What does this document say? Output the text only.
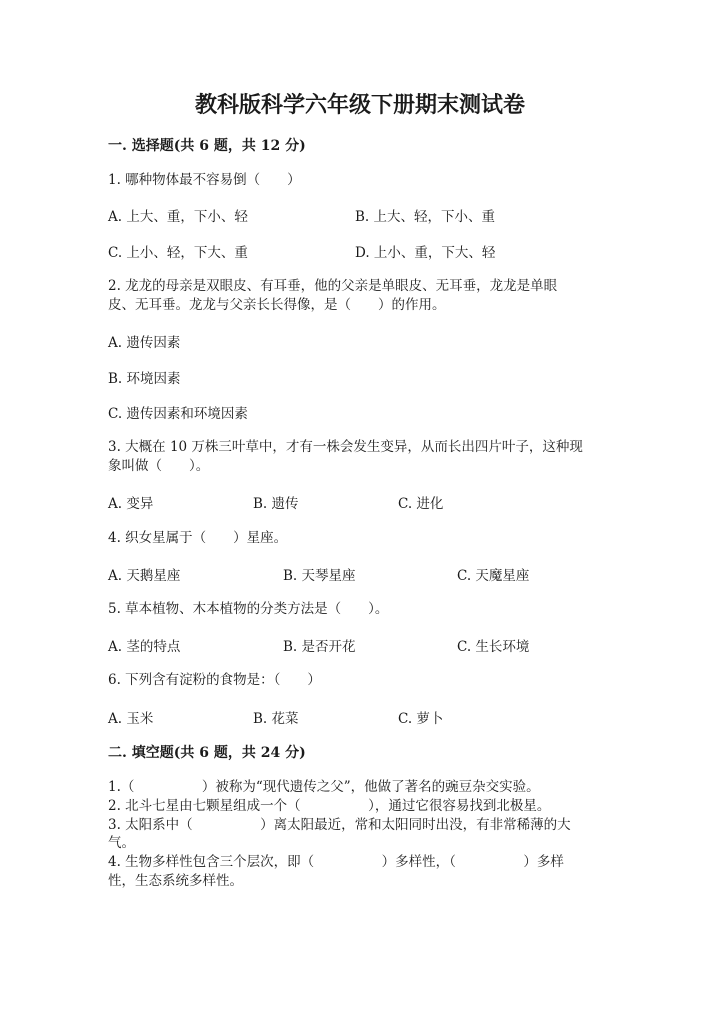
教科版科学六年级下册期末测试卷
一. 选择题(共 6 题，共 12 分)
1. 哪种物体最不容易倒（　　）
A. 上大、重，下小、轻	B. 上大、轻，下小、重
C. 上小、轻，下大、重	D. 上小、重，下大、轻
2. 龙龙的母亲是双眼皮、有耳垂，他的父亲是单眼皮、无耳垂，龙龙是单眼
皮、无耳垂。龙龙与父亲长长得像，是（　　）的作用。
A. 遗传因素
B. 环境因素
C. 遗传因素和环境因素
3. 大概在 10 万株三叶草中，才有一株会发生变异，从而长出四片叶子，这种现
象叫做（　　）。
A. 变异	B. 遗传	C. 进化
4. 织女星属于（　　）星座。
A. 天鹅星座	B. 天琴星座	C. 天魔星座
5. 草本植物、木本植物的分类方法是（　　）。
A. 茎的特点	B. 是否开花	C. 生长环境
6. 下列含有淀粉的食物是：（　　）
A. 玉米	B. 花菜	C. 萝卜
二. 填空题(共 6 题，共 24 分)
1.（　　　　　）被称为“现代遗传之父”，他做了著名的豌豆杂交实验。
2. 北斗七星由七颗星组成一个（　　　　　），通过它很容易找到北极星。
3. 太阳系中（　　　　　）离太阳最近，常和太阳同时出没，有非常稀薄的大
气。
4. 生物多样性包含三个层次，即（　　　　　）多样性，（　　　　　）多样
性，生态系统多样性。
